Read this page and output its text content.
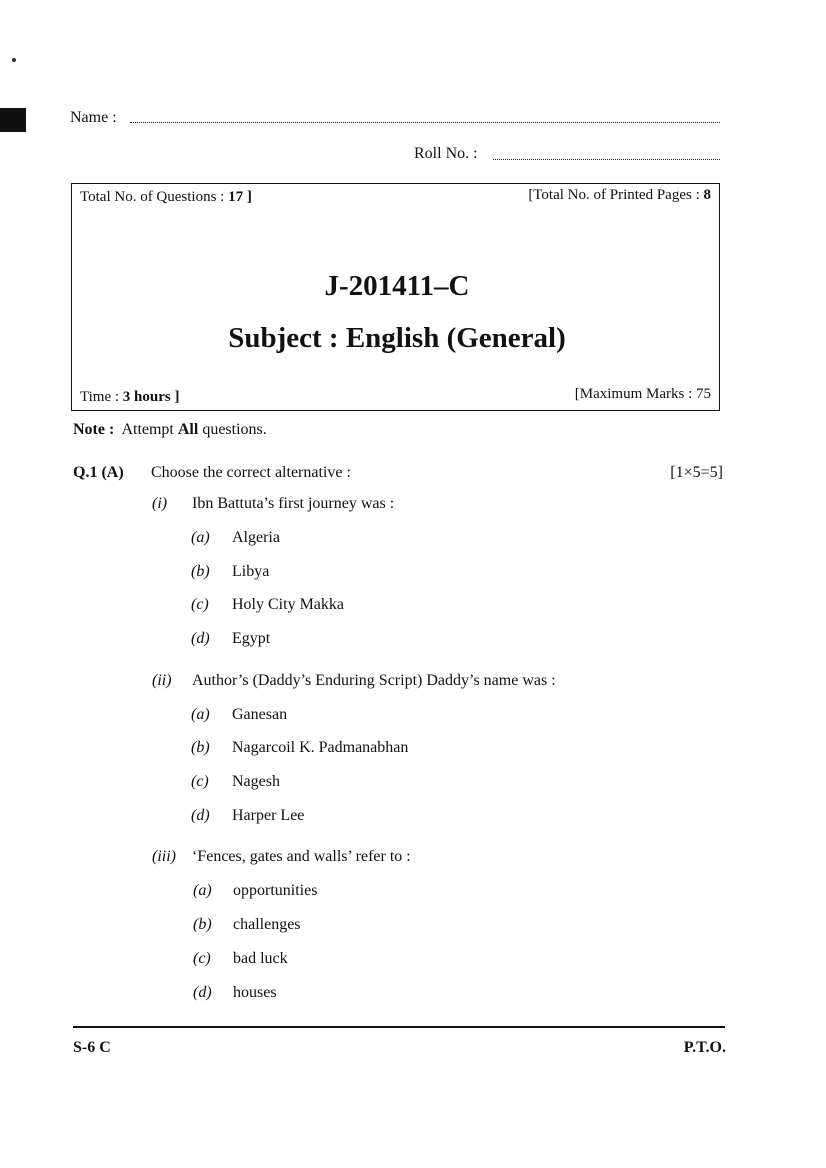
Name :
Roll No. :
Total No. of Questions : 17 ]	[Total No. of Printed Pages : 8
J-201411–C
Subject : English (General)
Time : 3 hours ]	[Maximum Marks : 75
Note : Attempt All questions.
Q.1 (A) Choose the correct alternative :	[1×5=5]
(i) Ibn Battuta’s first journey was :
(a) Algeria
(b) Libya
(c) Holy City Makka
(d) Egypt
(ii) Author’s (Daddy’s Enduring Script) Daddy’s name was :
(a) Ganesan
(b) Nagarcoil K. Padmanabhan
(c) Nagesh
(d) Harper Lee
(iii) ‘Fences, gates and walls’ refer to :
(a) opportunities
(b) challenges
(c) bad luck
(d) houses
S-6 C	P.T.O.
